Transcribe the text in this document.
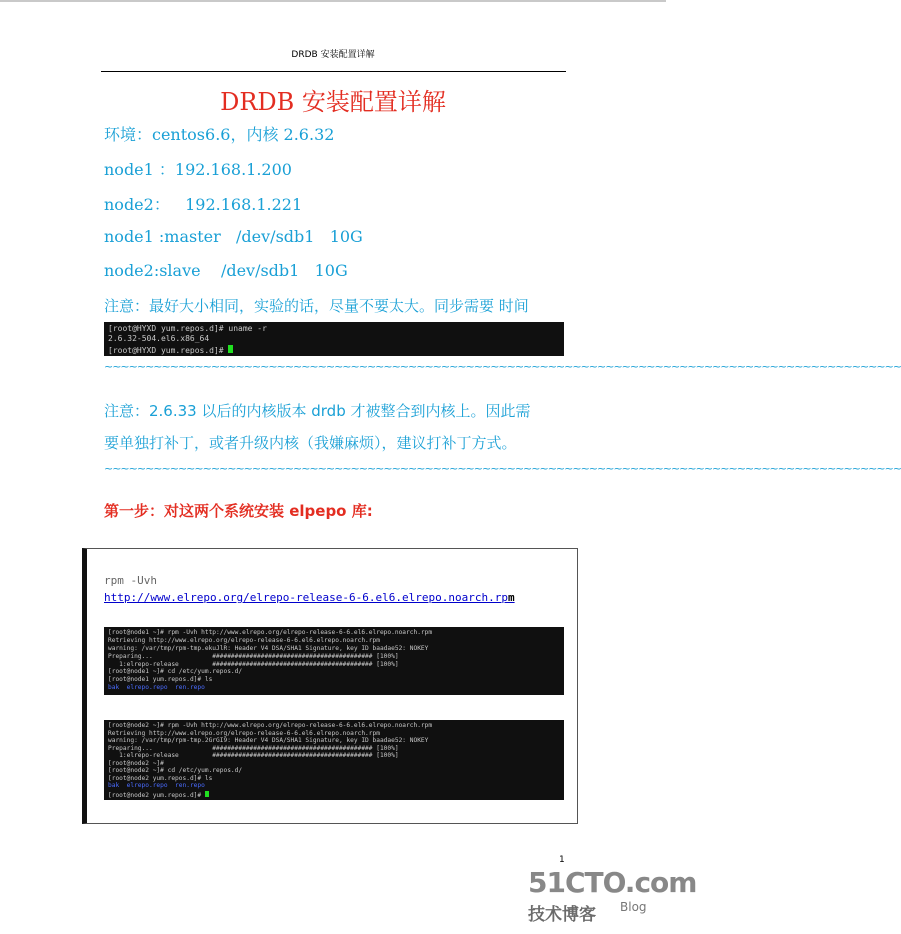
DRDB 安装配置详解
DRDB 安装配置详解
环境：centos6.6，内核 2.6.32
node1 ：192.168.1.200
node2：   192.168.1.221
node1 :master   /dev/sdb1   10G
node2:slave    /dev/sdb1   10G
注意：最好大小相同，实验的话，尽量不要太大。同步需要 时间
[root@HYXD yum.repos.d]# uname -r
2.6.32-504.el6.x86_64
[root@HYXD yum.repos.d]#
~~~~~~~~~~~~~~~~~~~~~~~~~~~~~~~~~~~~~~~~~~~~~~~~~~~~~~~~~~~~~~~~~~~~~~~~~~~~~~~~~~~~~~~~~~~~~~~~~
注意：2.6.33 以后的内核版本 drdb 才被整合到内核上。因此需
要单独打补丁，或者升级内核（我嫌麻烦），建议打补丁方式。
~~~~~~~~~~~~~~~~~~~~~~~~~~~~~~~~~~~~~~~~~~~~~~~~~~~~~~~~~~~~~~~~~~~~~~~~~~~~~~~~~~~~~~~~~~~~~~~~~
第一步：对这两个系统安装 elpepo 库:
rpm -Uvh
http://www.elrepo.org/elrepo-release-6-6.el6.elrepo.noarch.rpm
[root@node1 ~]# rpm -Uvh http://www.elrepo.org/elrepo-release-6-6.el6.elrepo.noarch.rpm
Retrieving http://www.elrepo.org/elrepo-release-6-6.el6.elrepo.noarch.rpm
warning: /var/tmp/rpm-tmp.ekuJlR: Header V4 DSA/SHA1 Signature, key ID baadae52: NOKEY
Preparing...                ########################################### [100%]
1:elrepo-release         ########################################### [100%]
[root@node1 ~]# cd /etc/yum.repos.d/
[root@node1 yum.repos.d]# ls
bak  elrepo.repo  ren.repo
[root@node2 ~]# rpm -Uvh http://www.elrepo.org/elrepo-release-6-6.el6.elrepo.noarch.rpm
Retrieving http://www.elrepo.org/elrepo-release-6-6.el6.elrepo.noarch.rpm
warning: /var/tmp/rpm-tmp.2GrGI9: Header V4 DSA/SHA1 Signature, key ID baadae52: NOKEY
Preparing...                ########################################### [100%]
1:elrepo-release         ########################################### [100%]
[root@node2 ~]#
[root@node2 ~]# cd /etc/yum.repos.d/
[root@node2 yum.repos.d]# ls
bak  elrepo.repo  ren.repo
[root@node2 yum.repos.d]#
1
51CTO.com
技术博客 Blog
